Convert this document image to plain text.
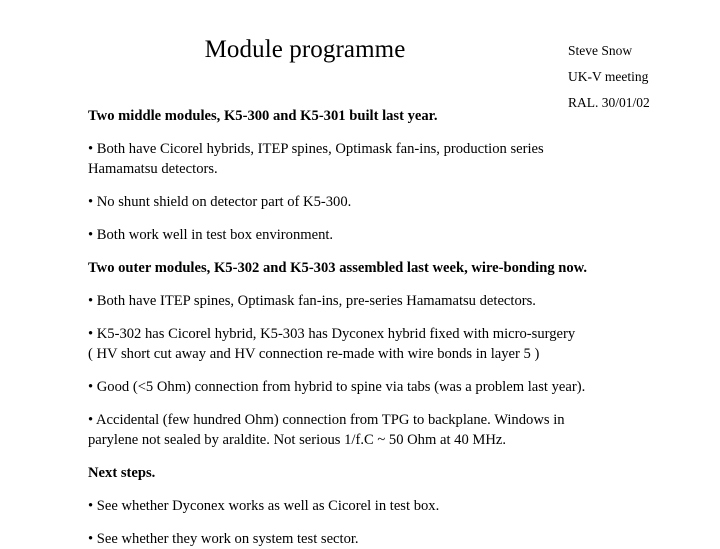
Module programme	Steve Snow
UK-V meeting
RAL. 30/01/02

Two middle modules, K5-300 and K5-301 built last year.

• Both have Cicorel hybrids, ITEP spines, Optimask fan-ins, production series
Hamamatsu detectors.

• No shunt shield on detector part of K5-300.

• Both work well in test box environment.

Two outer modules, K5-302 and K5-303 assembled last week, wire-bonding now.

• Both have ITEP spines, Optimask fan-ins, pre-series Hamamatsu detectors.

• K5-302 has Cicorel hybrid, K5-303 has Dyconex hybrid fixed with micro-surgery
( HV short cut away and HV connection re-made with wire bonds in layer 5 )

• Good (<5 Ohm) connection from hybrid to spine via tabs (was a problem last year).

• Accidental (few hundred Ohm) connection from TPG to backplane. Windows in
parylene not sealed by araldite. Not serious 1/f.C ~ 50 Ohm at 40 MHz.

Next steps.

• See whether Dyconex works as well as Cicorel in test box.

• See whether they work on system test sector.
